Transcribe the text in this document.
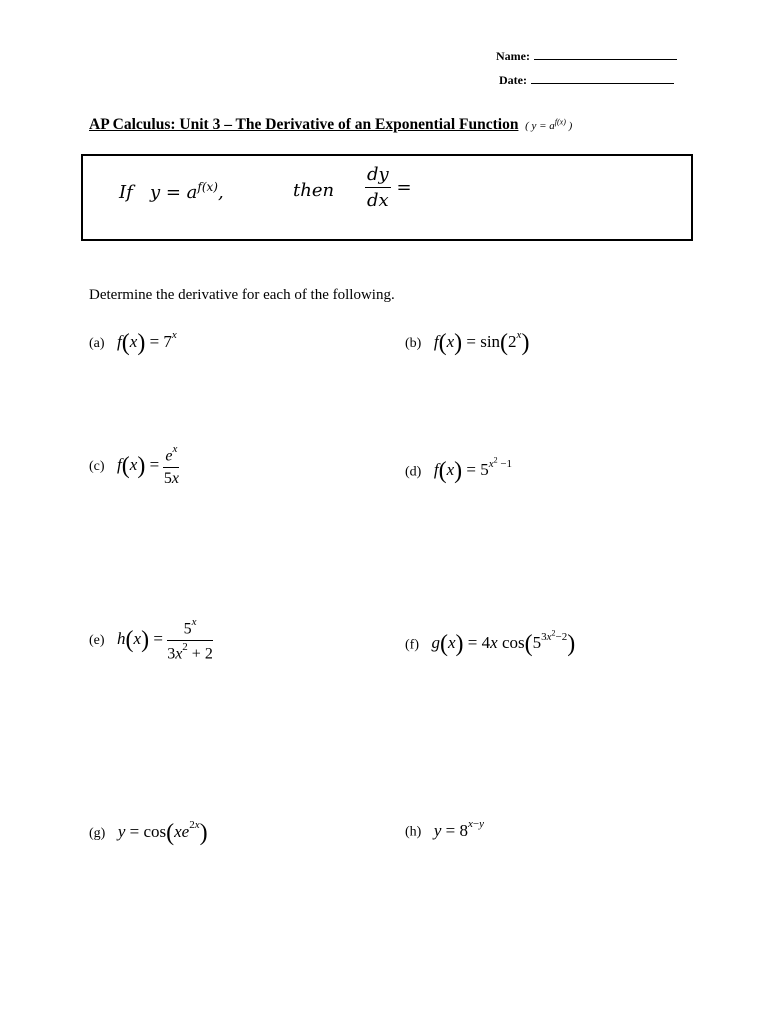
Name:
Date:
AP Calculus: Unit 3 – The Derivative of an Exponential Function  ( $y = a^{f(x)}$ )
If $y = a^{f(x)}$,	then $\frac{dy}{dx}$ =
Determine the derivative for each of the following.
(a) $f(x) = 7^x$
(b) $f(x) = \sin(2^x)$
(c) $f(x) = \frac{e^x}{5x}$	(d) $f(x) = 5^{x^2 -1}$
(e) $h(x) = \frac{5^x}{3x^2 + 2}$	(f) g(x) = 4x $\cos(5^{3x^2-2})$
(g) $y = \cos(xe^{2x})$	(h) $y = 8^{x-y}$
